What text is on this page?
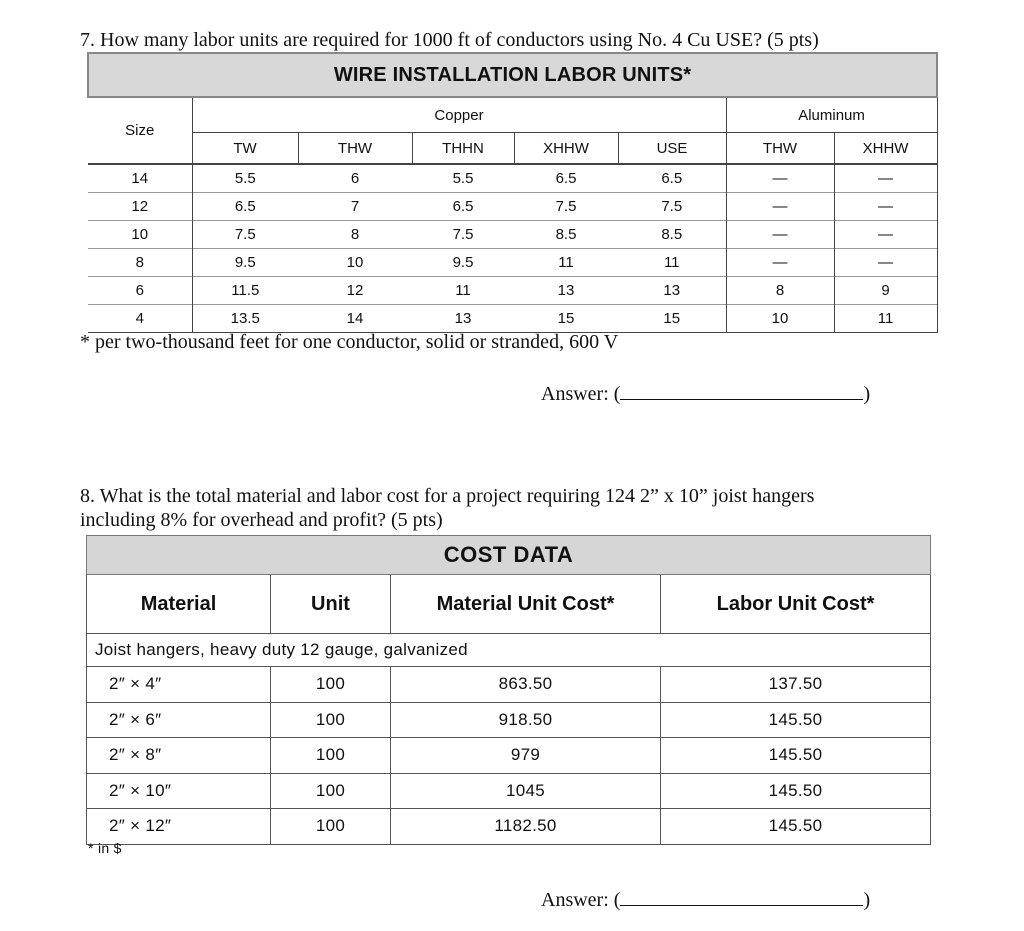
7. How many labor units are required for 1000 ft of conductors using No. 4 Cu USE? (5 pts)
WIRE INSTALLATION LABOR UNITS*							
Size	Copper					Aluminum	
	TW	THW	THHN	XHHW	USE	THW	XHHW
14	5.5	6	5.5	6.5	6.5	—	—
12	6.5	7	6.5	7.5	7.5	—	—
10	7.5	8	7.5	8.5	8.5	—	—
8	9.5	10	9.5	11	11	—	—
6	11.5	12	11	13	13	8	9
4	13.5	14	13	15	15	10	11
* per two-thousand feet for one conductor, solid or stranded, 600 V
Answer: (	)
8. What is the total material and labor cost for a project requiring 124 2” x 10” joist hangers
including 8% for overhead and profit? (5 pts)
COST DATA			
Material	Unit	Material Unit Cost*	Labor Unit Cost*
Joist hangers, heavy duty 12 gauge, galvanized			
2″ × 4″	100	863.50	137.50
2″ × 6″	100	918.50	145.50
2″ × 8″	100	979	145.50
2″ × 10″	100	1045	145.50
2″ × 12″	100	1182.50	145.50
* in $
Answer: (	)
